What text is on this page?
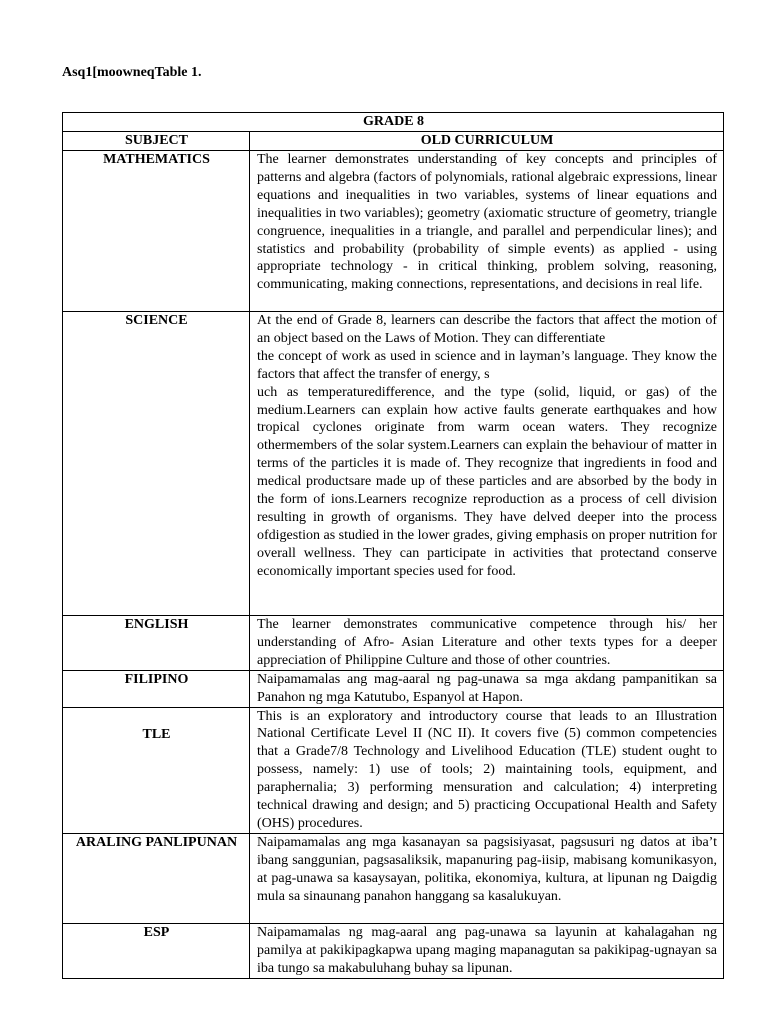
Asq1[moowneqTable 1.
GRADE 8	
SUBJECT	OLD CURRICULUM
MATHEMATICS	The learner demonstrates understanding of key concepts and principles of patterns and algebra (factors of polynomials, rational algebraic expressions, linear equations and inequalities in two variables, systems of linear equations and inequalities in two variables); geometry (axiomatic structure of geometry, triangle congruence, inequalities in a triangle, and parallel and perpendicular lines); and statistics and probability (probability of simple events) as applied - using appropriate technology - in critical thinking, problem solving, reasoning, communicating, making connections, representations, and decisions in real life.

SCIENCE	At the end of Grade 8, learners can describe the factors that affect the motion of an object based on the Laws of Motion. They can differentiate
the concept of work as used in science and in layman’s language. They know the factors that affect the transfer of energy, s
uch as temperaturedifference, and the type (solid, liquid, or gas) of the medium.Learners can explain how active faults generate earthquakes and how tropical cyclones originate from warm ocean waters. They recognize othermembers of the solar system.Learners can explain the behaviour of matter in terms of the particles it is made of. They recognize that ingredients in food and medical productsare made up of these particles and are absorbed by the body in the form of ions.Learners recognize reproduction as a process of cell division resulting in growth of organisms. They have delved deeper into the process ofdigestion as studied in the lower grades, giving emphasis on proper nutrition for overall wellness. They can participate in activities that protectand conserve economically important species used for food.

ENGLISH	The learner demonstrates communicative competence through his/ her understanding of Afro- Asian Literature and other texts types for a deeper appreciation of Philippine Culture and those of other countries.

FILIPINO	Naipamamalas ang mag-aaral ng pag-unawa sa mga akdang pampanitikan sa Panahon ng mga Katutubo, Espanyol at Hapon.

TLE	This is an exploratory and introductory course that leads to an Illustration National Certificate Level II (NC II). It covers five (5) common competencies that a Grade7/8 Technology and Livelihood Education (TLE) student ought to possess, namely: 1) use of tools; 2) maintaining tools, equipment, and paraphernalia; 3) performing mensuration and calculation; 4) interpreting technical drawing and design; and 5) practicing Occupational Health and Safety (OHS) procedures.

ARALING PANLIPUNAN	Naipamamalas ang mga kasanayan sa pagsisiyasat, pagsusuri ng datos at iba’t ibang sanggunian, pagsasaliksik, mapanuring pag-iisip, mabisang komunikasyon, at pag-unawa sa kasaysayan, politika, ekonomiya, kultura, at lipunan ng Daigdig mula sa sinaunang panahon hanggang sa kasalukuyan.

ESP	Naipamamalas ng mag-aaral ang pag-unawa sa layunin at kahalagahan ng pamilya at pakikipagkapwa upang maging mapanagutan sa pakikipag-ugnayan sa iba tungo sa makabuluhang buhay sa lipunan.
